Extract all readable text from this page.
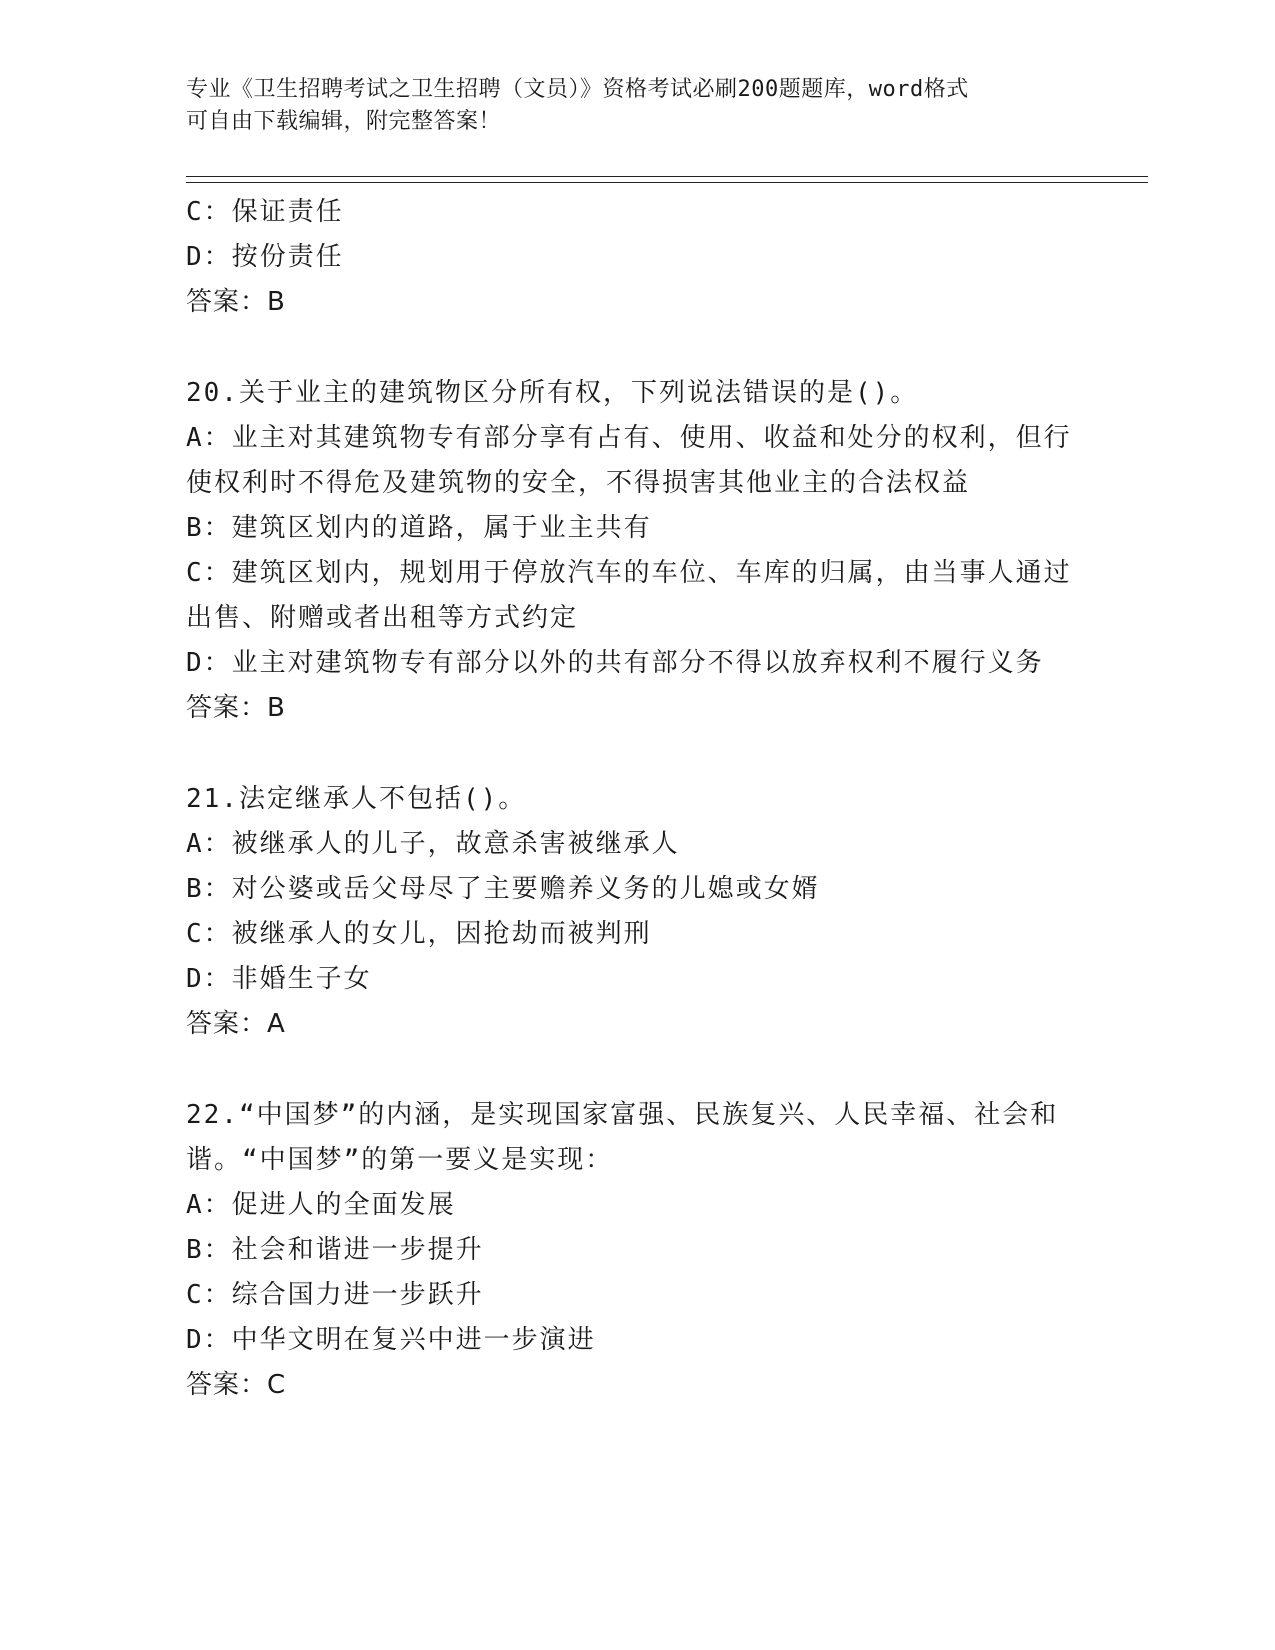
专业《卫生招聘考试之卫生招聘（文员）》资格考试必刷200题题库，word格式
可自由下载编辑，附完整答案！
C：保证责任
D：按份责任
答案：B
20.关于业主的建筑物区分所有权，下列说法错误的是()。
A：业主对其建筑物专有部分享有占有、使用、收益和处分的权利，但行使权利时不得危及建筑物的安全，不得损害其他业主的合法权益
B：建筑区划内的道路，属于业主共有
C：建筑区划内，规划用于停放汽车的车位、车库的归属，由当事人通过出售、附赠或者出租等方式约定
D：业主对建筑物专有部分以外的共有部分不得以放弃权利不履行义务
答案：B
21.法定继承人不包括()。
A：被继承人的儿子，故意杀害被继承人
B：对公婆或岳父母尽了主要赡养义务的儿媳或女婿
C：被继承人的女儿，因抢劫而被判刑
D：非婚生子女
答案：A
22.“中国梦”的内涵，是实现国家富强、民族复兴、人民幸福、社会和谐。“中国梦”的第一要义是实现：
A：促进人的全面发展
B：社会和谐进一步提升
C：综合国力进一步跃升
D：中华文明在复兴中进一步演进
答案：C
